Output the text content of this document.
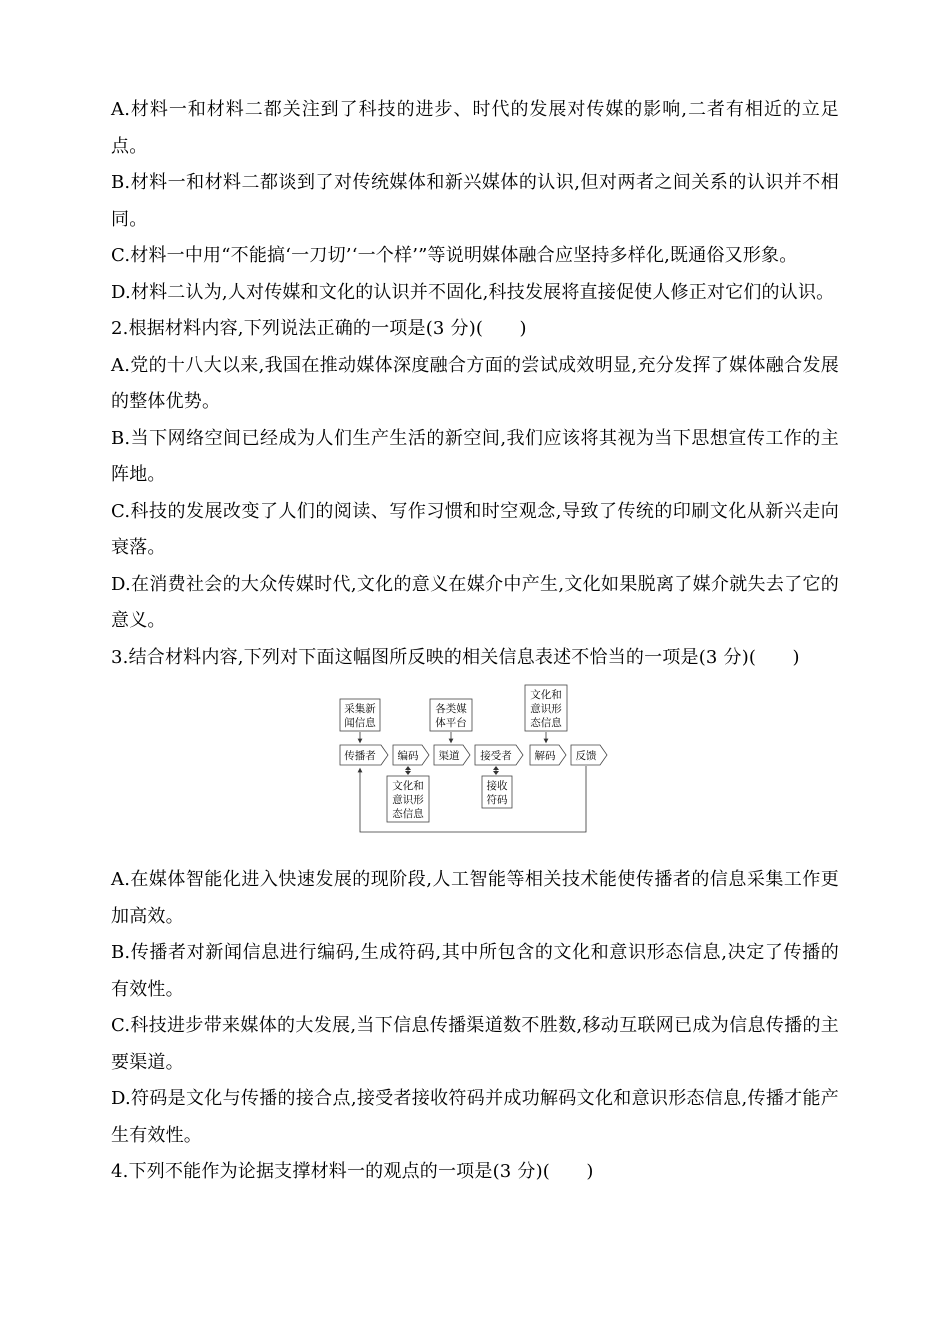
A.材料一和材料二都关注到了科技的进步、时代的发展对传媒的影响,二者有相近的立足点。

B.材料一和材料二都谈到了对传统媒体和新兴媒体的认识,但对两者之间关系的认识并不相同。

C.材料一中用“不能搞‘一刀切’‘一个样’”等说明媒体融合应坚持多样化,既通俗又形象。

D.材料二认为,人对传媒和文化的认识并不固化,科技发展将直接促使人修正对它们的认识。

2.根据材料内容,下列说法正确的一项是(3 分)(　　)

A.党的十八大以来,我国在推动媒体深度融合方面的尝试成效明显,充分发挥了媒体融合发展的整体优势。

B.当下网络空间已经成为人们生产生活的新空间,我们应该将其视为当下思想宣传工作的主阵地。

C.科技的发展改变了人们的阅读、写作习惯和时空观念,导致了传统的印刷文化从新兴走向衰落。

D.在消费社会的大众传媒时代,文化的意义在媒介中产生,文化如果脱离了媒介就失去了它的意义。

3.结合材料内容,下列对下面这幅图所反映的相关信息表述不恰当的一项是(3 分)(　　)

采集新
闻信息
各类媒
体平台
文化和
意识形
态信息
传播者 编码 渠道 接受者 解码 反馈
文化和
意识形
态信息
接收
符码

A.在媒体智能化进入快速发展的现阶段,人工智能等相关技术能使传播者的信息采集工作更加高效。

B.传播者对新闻信息进行编码,生成符码,其中所包含的文化和意识形态信息,决定了传播的有效性。

C.科技进步带来媒体的大发展,当下信息传播渠道数不胜数,移动互联网已成为信息传播的主要渠道。

D.符码是文化与传播的接合点,接受者接收符码并成功解码文化和意识形态信息,传播才能产生有效性。

4.下列不能作为论据支撑材料一的观点的一项是(3 分)(　　)
